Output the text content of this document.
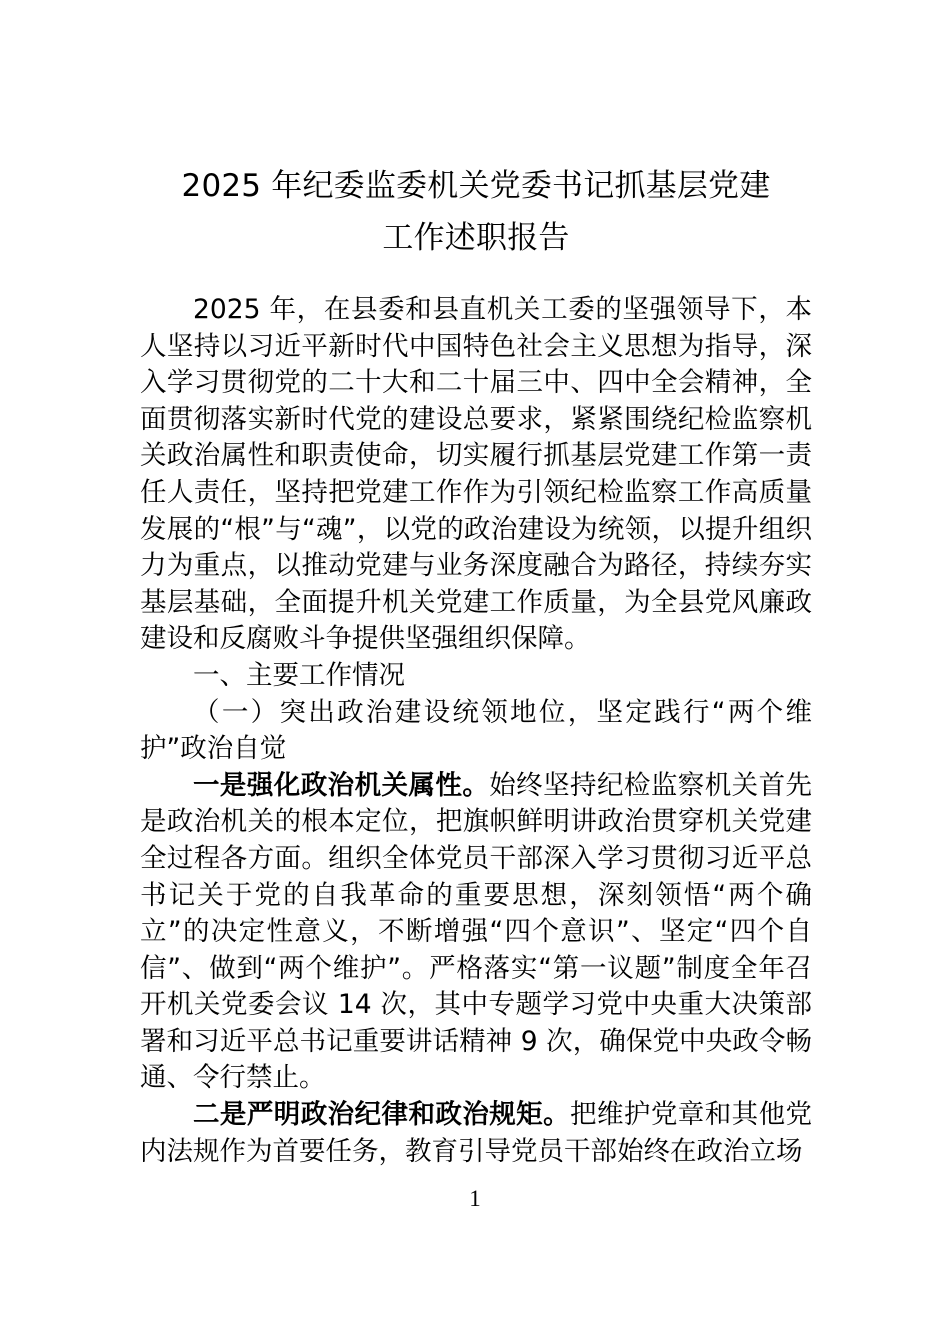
2025 年纪委监委机关党委书记抓基层党建
工作述职报告

2025 年，在县委和县直机关工委的坚强领导下，本人坚持以习近平新时代中国特色社会主义思想为指导，深入学习贯彻党的二十大和二十届三中、四中全会精神，全面贯彻落实新时代党的建设总要求，紧紧围绕纪检监察机关政治属性和职责使命，切实履行抓基层党建工作第一责任人责任，坚持把党建工作作为引领纪检监察工作高质量发展的“根”与“魂”，以党的政治建设为统领，以提升组织力为重点，以推动党建与业务深度融合为路径，持续夯实基层基础，全面提升机关党建工作质量，为全县党风廉政建设和反腐败斗争提供坚强组织保障。

一、主要工作情况

（一）突出政治建设统领地位，坚定践行“两个维护”政治自觉

一是强化政治机关属性。始终坚持纪检监察机关首先是政治机关的根本定位，把旗帜鲜明讲政治贯穿机关党建全过程各方面。组织全体党员干部深入学习贯彻习近平总书记关于党的自我革命的重要思想，深刻领悟“两个确立”的决定性意义，不断增强“四个意识”、坚定“四个自信”、做到“两个维护”。严格落实“第一议题”制度全年召开机关党委会议 14 次，其中专题学习党中央重大决策部署和习近平总书记重要讲话精神 9 次，确保党中央政令畅通、令行禁止。

二是严明政治纪律和政治规矩。把维护党章和其他党内法规作为首要任务，教育引导党员干部始终在政治立场

1
